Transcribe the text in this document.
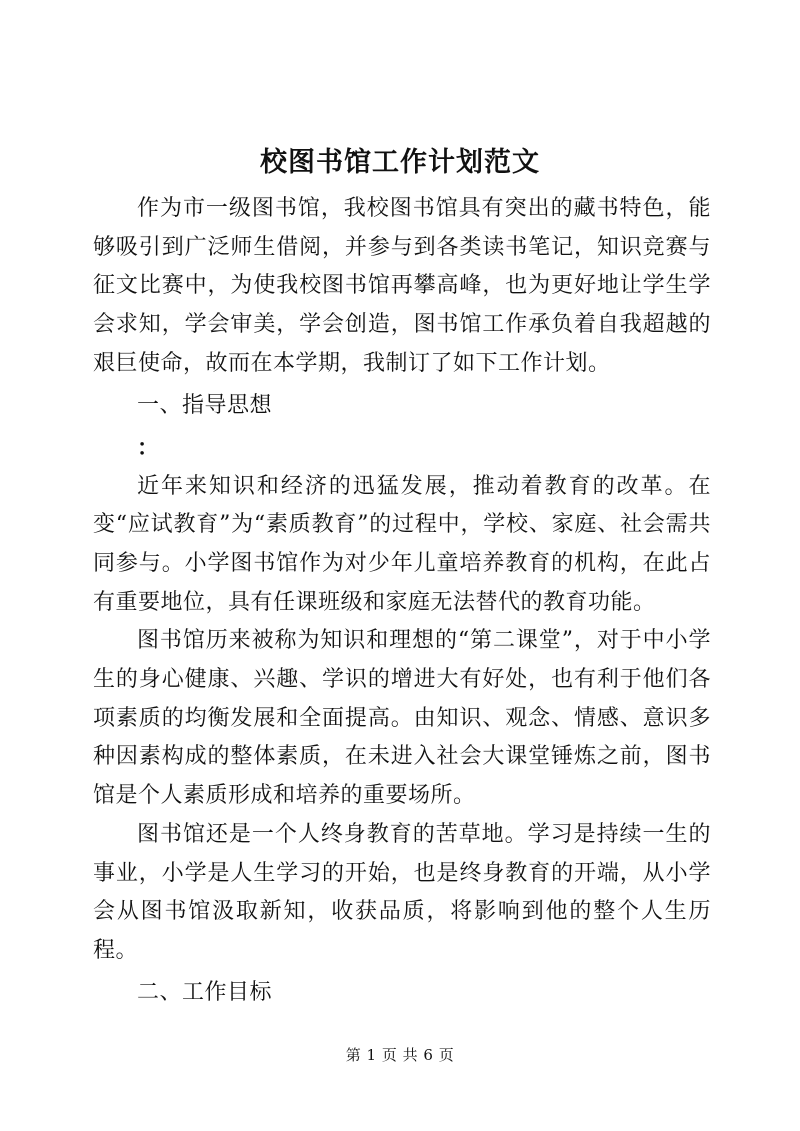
校图书馆工作计划范文

作为市一级图书馆，我校图书馆具有突出的藏书特色，能够吸引到广泛师生借阅，并参与到各类读书笔记，知识竞赛与征文比赛中，为使我校图书馆再攀高峰，也为更好地让学生学会求知，学会审美，学会创造，图书馆工作承负着自我超越的艰巨使命，故而在本学期，我制订了如下工作计划。

一、指导思想

：

近年来知识和经济的迅猛发展，推动着教育的改革。在变“应试教育”为“素质教育”的过程中，学校、家庭、社会需共同参与。小学图书馆作为对少年儿童培养教育的机构，在此占有重要地位，具有任课班级和家庭无法替代的教育功能。

图书馆历来被称为知识和理想的“第二课堂”，对于中小学生的身心健康、兴趣、学识的增进大有好处，也有利于他们各项素质的均衡发展和全面提高。由知识、观念、情感、意识多种因素构成的整体素质，在未进入社会大课堂锤炼之前，图书馆是个人素质形成和培养的重要场所。

图书馆还是一个人终身教育的苦草地。学习是持续一生的事业，小学是人生学习的开始，也是终身教育的开端，从小学会从图书馆汲取新知，收获品质，将影响到他的整个人生历程。

二、工作目标

第 1 页 共 6 页
